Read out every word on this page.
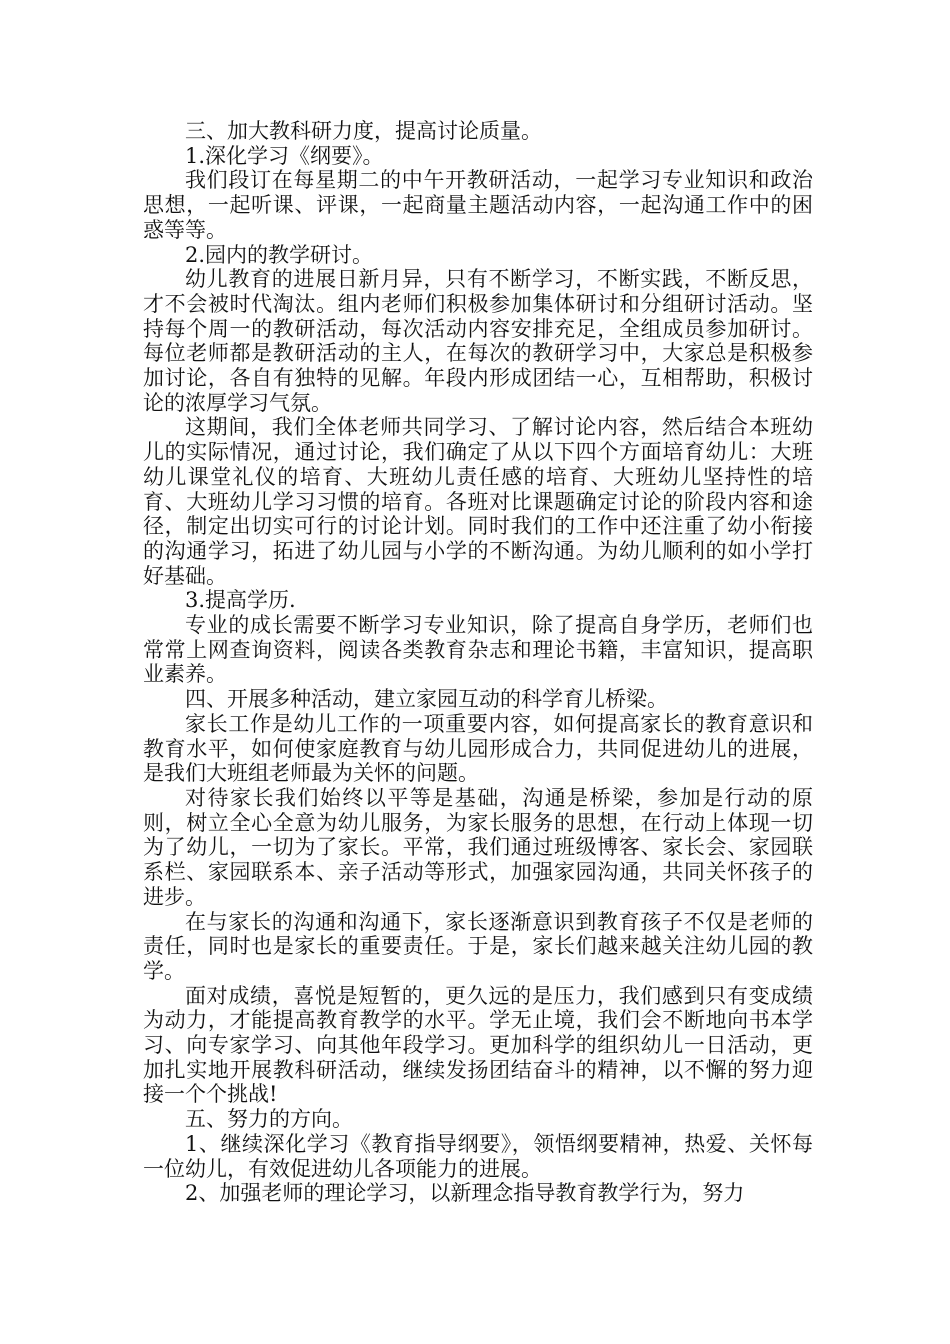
三、加大教科研力度，提高讨论质量。

1.深化学习《纲要》。

我们段订在每星期二的中午开教研活动，一起学习专业知识和政治思想，一起听课、评课，一起商量主题活动内容，一起沟通工作中的困惑等等。

2.园内的教学研讨。

幼儿教育的进展日新月异，只有不断学习，不断实践，不断反思，才不会被时代淘汰。组内老师们积极参加集体研讨和分组研讨活动。坚持每个周一的教研活动，每次活动内容安排充足，全组成员参加研讨。每位老师都是教研活动的主人，在每次的教研学习中，大家总是积极参加讨论，各自有独特的见解。年段内形成团结一心，互相帮助，积极讨论的浓厚学习气氛。

这期间，我们全体老师共同学习、了解讨论内容，然后结合本班幼儿的实际情况，通过讨论，我们确定了从以下四个方面培育幼儿：大班幼儿课堂礼仪的培育、大班幼儿责任感的培育、大班幼儿坚持性的培育、大班幼儿学习习惯的培育。各班对比课题确定讨论的阶段内容和途径，制定出切实可行的讨论计划。同时我们的工作中还注重了幼小衔接的沟通学习，拓进了幼儿园与小学的不断沟通。为幼儿顺利的如小学打好基础。

3.提高学历.

专业的成长需要不断学习专业知识，除了提高自身学历，老师们也常常上网查询资料，阅读各类教育杂志和理论书籍，丰富知识，提高职业素养。

四、开展多种活动，建立家园互动的科学育儿桥梁。

家长工作是幼儿工作的一项重要内容，如何提高家长的教育意识和教育水平，如何使家庭教育与幼儿园形成合力，共同促进幼儿的进展，是我们大班组老师最为关怀的问题。

对待家长我们始终以平等是基础，沟通是桥梁，参加是行动的原则，树立全心全意为幼儿服务，为家长服务的思想，在行动上体现一切为了幼儿，一切为了家长。平常，我们通过班级博客、家长会、家园联系栏、家园联系本、亲子活动等形式，加强家园沟通，共同关怀孩子的进步。

在与家长的沟通和沟通下，家长逐渐意识到教育孩子不仅是老师的责任，同时也是家长的重要责任。于是，家长们越来越关注幼儿园的教学。

面对成绩，喜悦是短暂的，更久远的是压力，我们感到只有变成绩为动力，才能提高教育教学的水平。学无止境，我们会不断地向书本学习、向专家学习、向其他年段学习。更加科学的组织幼儿一日活动，更加扎实地开展教科研活动，继续发扬团结奋斗的精神，以不懈的努力迎接一个个挑战!

五、努力的方向。

1、继续深化学习《教育指导纲要》，领悟纲要精神，热爱、关怀每一位幼儿，有效促进幼儿各项能力的进展。

2、加强老师的理论学习，以新理念指导教育教学行为，努力
